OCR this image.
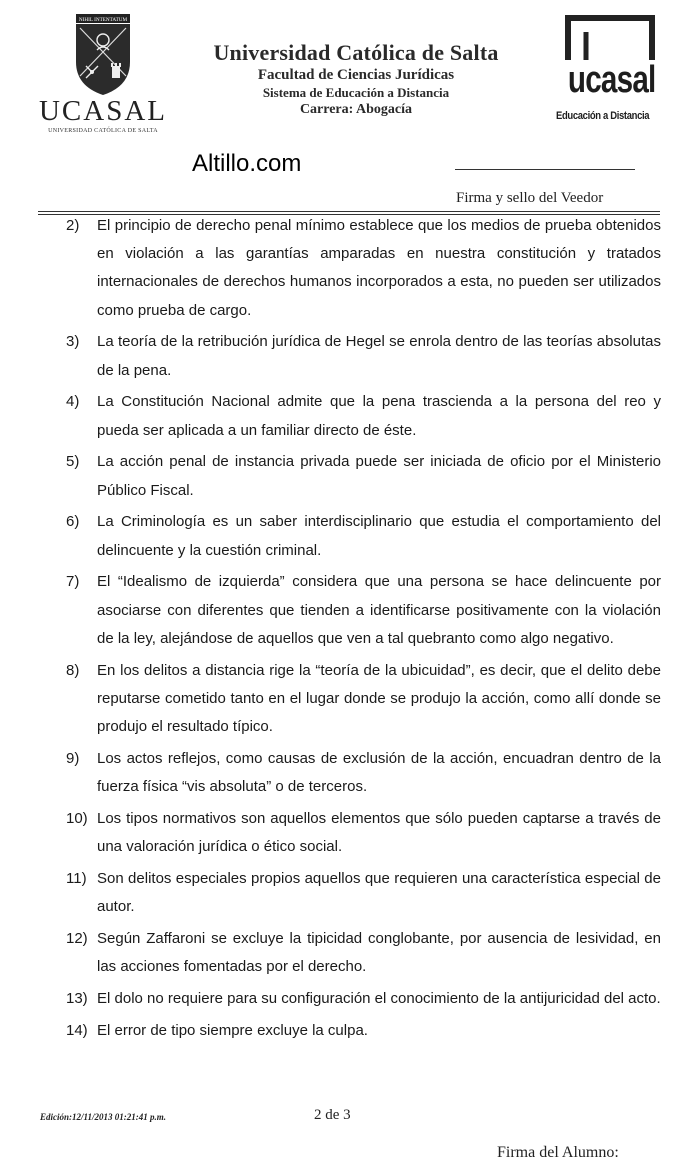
NIHIL INTENTATUM
UCASAL
UNIVERSIDAD CATÓLICA DE SALTA
Universidad Católica de Salta
Facultad de Ciencias Jurídicas
Sistema de Educación a Distancia
Carrera: Abogacía
ucasal
Educación a Distancia
Altillo.com
Firma y sello del Veedor
2) El principio de derecho penal mínimo establece que los medios de prueba obtenidos en violación a las garantías amparadas en nuestra constitución y tratados internacionales de derechos humanos incorporados a esta, no pueden ser utilizados como prueba de cargo.
3) La teoría de la retribución jurídica de Hegel se enrola dentro de las teorías absolutas de la pena.
4) La Constitución Nacional admite que la pena trascienda a la persona del reo y pueda ser aplicada a un familiar directo de éste.
5) La acción penal de instancia privada puede ser iniciada de oficio por el Ministerio Público Fiscal.
6) La Criminología es un saber interdisciplinario que estudia el comportamiento del delincuente y la cuestión criminal.
7) El “Idealismo de izquierda” considera que una persona se hace delincuente por asociarse con diferentes que tienden a identificarse positivamente con la violación de la ley, alejándose de aquellos que ven a tal quebranto como algo negativo.
8) En los delitos a distancia rige la “teoría de la ubicuidad”, es decir, que el delito debe reputarse cometido tanto en el lugar donde se produjo la acción, como allí donde se produjo el resultado típico.
9) Los actos reflejos, como causas de exclusión de la acción, encuadran dentro de la fuerza física “vis absoluta” o de terceros.
10) Los tipos normativos son aquellos elementos que sólo pueden captarse a través de una valoración jurídica o ético social.
11) Son delitos especiales propios aquellos que requieren una característica especial de autor.
12) Según Zaffaroni se excluye la tipicidad conglobante, por ausencia de lesividad, en las acciones fomentadas por el derecho.
13) El dolo no requiere para su configuración el conocimiento de la antijuricidad del acto.
14) El error de tipo siempre excluye la culpa.
Edición:12/11/2013 01:21:41 p.m.	2 de 3
Firma del Alumno:
